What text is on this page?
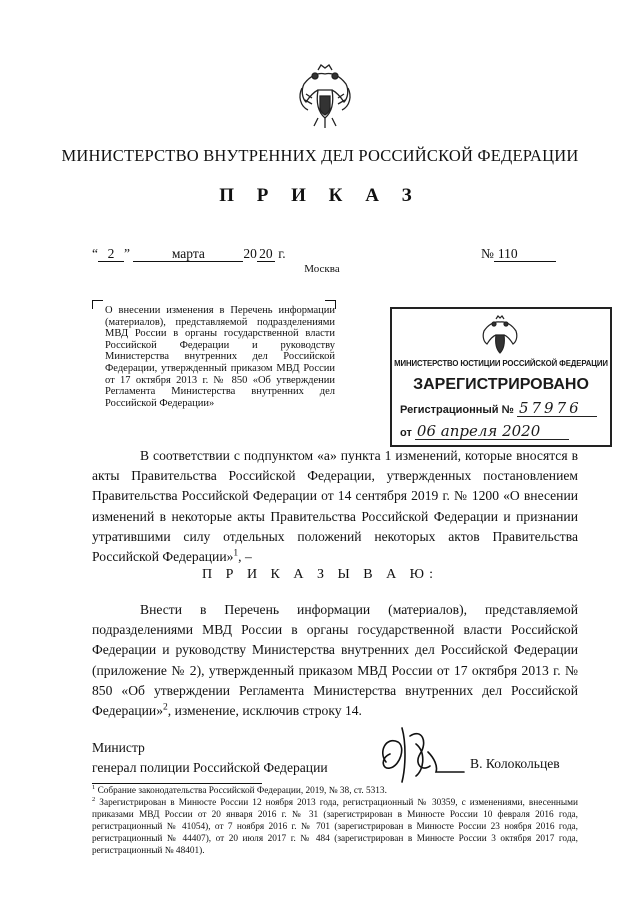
МИНИСТЕРСТВО ВНУТРЕННИХ ДЕЛ РОССИЙСКОЙ ФЕДЕРАЦИИ
П Р И К А З
“ 2 ”	марта	20 20 г.	№ 110
Москва
О внесении изменения в Перечень информации (материалов), представляемой подразделениями МВД России в органы государственной власти Российской Федерации и руководству Министерства внутренних дел Российской Федерации, утвержденный приказом МВД России от 17 октября 2013 г. № 850 «Об утверждении Регламента Министерства внутренних дел Российской Федерации»
МИНИСТЕРСТВО ЮСТИЦИИ РОССИЙСКОЙ ФЕДЕРАЦИИ
ЗАРЕГИСТРИРОВАНО
Регистрационный № 57976
от 06 апреля 2020

В соответствии с подпунктом «а» пункта 1 изменений, которые вносятся в акты Правительства Российской Федерации, утвержденных постановлением Правительства Российской Федерации от 14 сентября 2019 г. № 1200 «О внесении изменений в некоторые акты Правительства Российской Федерации и признании утратившими силу отдельных положений некоторых актов Правительства Российской Федерации»$^1$, –

П Р И К А З Ы В А Ю:

Внести в Перечень информации (материалов), представляемой подразделениями МВД России в органы государственной власти Российской Федерации и руководству Министерства внутренних дел Российской Федерации (приложение № 2), утвержденный приказом МВД России от 17 октября 2013 г. № 850 «Об утверждении Регламента Министерства внутренних дел Российской Федерации»$^2$, изменение, исключив строку 14.

Министр
генерал полиции Российской Федерации	В. Колокольцев
$^1$ Собрание законодательства Российской Федерации, 2019, № 38, ст. 5313.
$^2$ Зарегистрирован в Минюсте России 12 ноября 2013 года, регистрационный № 30359, с изменениями, внесенными приказами МВД России от 20 января 2016 г. № 31 (зарегистрирован в Минюсте России 10 февраля 2016 года, регистрационный № 41054), от 7 ноября 2016 г. № 701 (зарегистрирован в Минюсте России 23 ноября 2016 года, регистрационный № 44407), от 20 июля 2017 г. № 484 (зарегистрирован в Минюсте России 3 октября 2017 года, регистрационный № 48401).
